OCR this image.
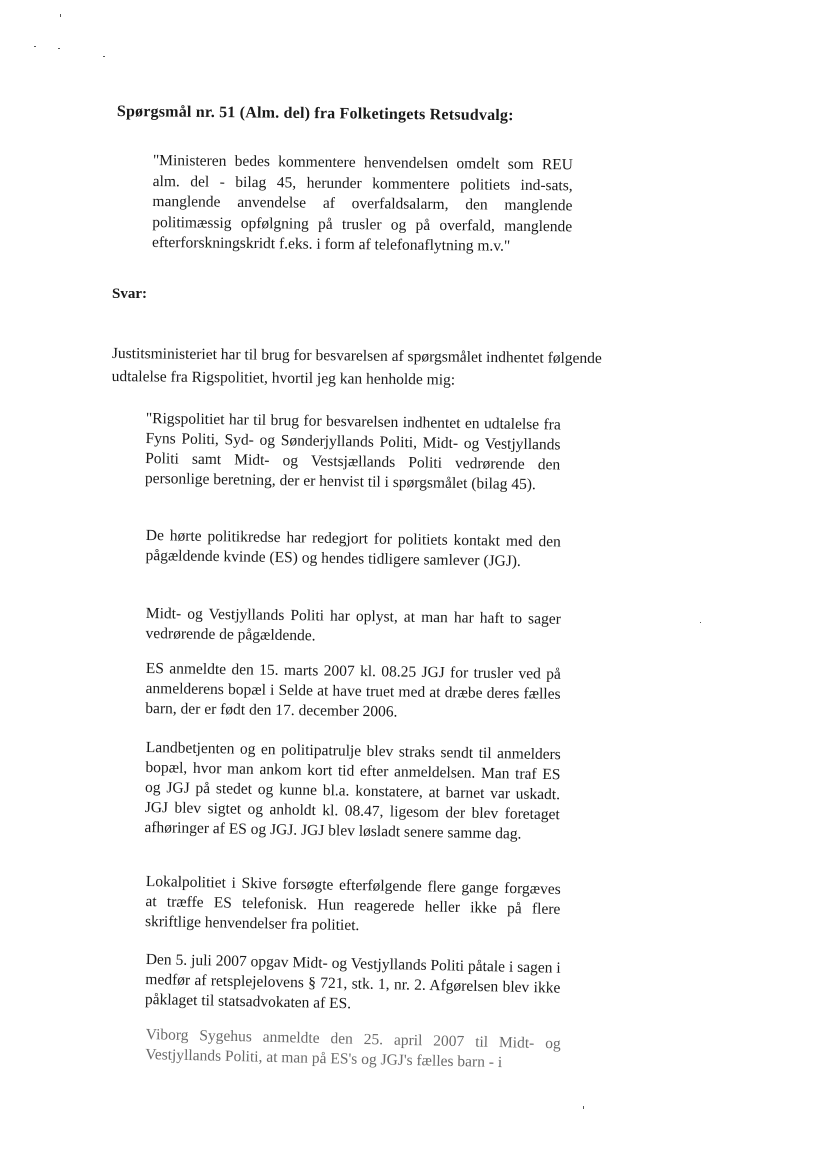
Spørgsmål nr. 51 (Alm. del) fra Folketingets Retsudvalg:
"Ministeren bedes kommentere henvendelsen omdelt som REU alm. del - bilag 45, herunder kommentere politiets ind-sats, manglende anvendelse af overfaldsalarm, den manglende politimæssig opfølgning på trusler og på overfald, manglende efterforskningskridt f.eks. i form af telefonaflytning m.v."
Svar:
Justitsministeriet har til brug for besvarelsen af spørgsmålet indhentet følgende udtalelse fra Rigspolitiet, hvortil jeg kan henholde mig:

"Rigspolitiet har til brug for besvarelsen indhentet en udtalelse fra Fyns Politi, Syd- og Sønderjyllands Politi, Midt- og Vestjyllands Politi samt Midt- og Vestsjællands Politi vedrørende den personlige beretning, der er henvist til i spørgsmålet (bilag 45).

De hørte politikredse har redegjort for politiets kontakt med den pågældende kvinde (ES) og hendes tidligere samlever (JGJ).

Midt- og Vestjyllands Politi har oplyst, at man har haft to sager vedrørende de pågældende.

ES anmeldte den 15. marts 2007 kl. 08.25 JGJ for trusler ved på anmelderens bopæl i Selde at have truet med at dræbe deres fælles barn, der er født den 17. december 2006.

Landbetjenten og en politipatrulje blev straks sendt til anmelders bopæl, hvor man ankom kort tid efter anmeldelsen. Man traf ES og JGJ på stedet og kunne bl.a. konstatere, at barnet var uskadt. JGJ blev sigtet og anholdt kl. 08.47, ligesom der blev foretaget afhøringer af ES og JGJ. JGJ blev løsladt senere samme dag.

Lokalpolitiet i Skive forsøgte efterfølgende flere gange forgæves at træffe ES telefonisk. Hun reagerede heller ikke på flere skriftlige henvendelser fra politiet.

Den 5. juli 2007 opgav Midt- og Vestjyllands Politi påtale i sagen i medfør af retsplejelovens § 721, stk. 1, nr. 2. Afgørelsen blev ikke påklaget til statsadvokaten af ES.

Viborg Sygehus anmeldte den 25. april 2007 til Midt- og Vestjyllands Politi, at man på ES's og JGJ's fælles barn - i
